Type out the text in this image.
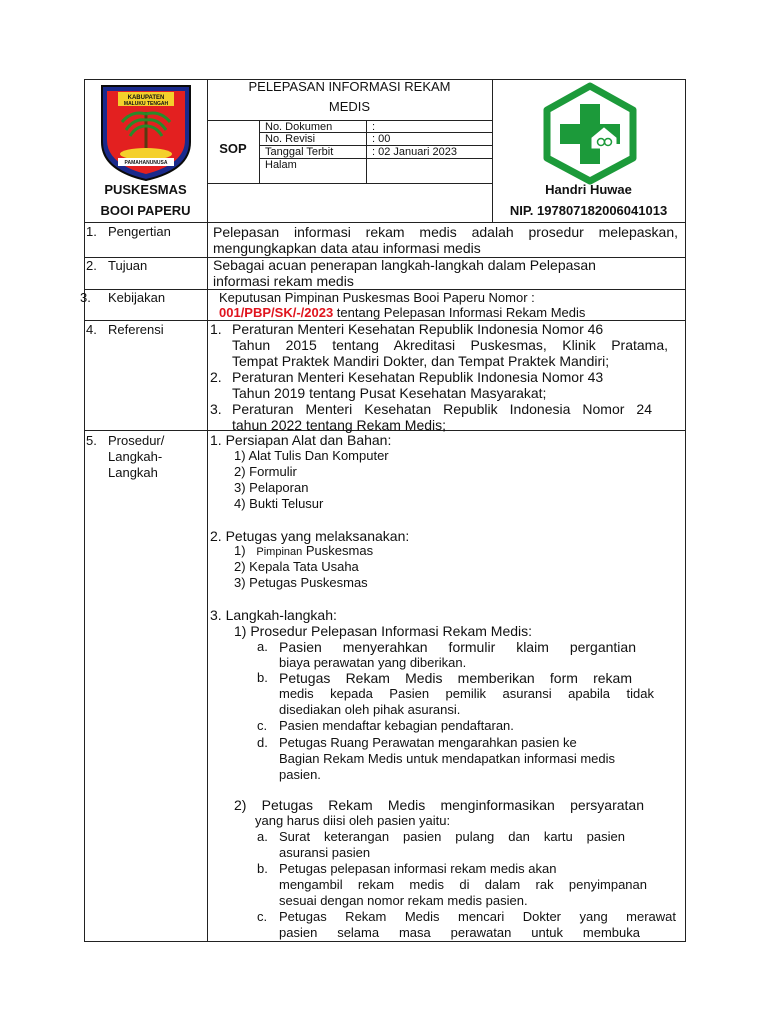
KABUPATEN
MALUKU TENGAH
PAMAHANUNUSA
PELEPASAN INFORMASI REKAM
MEDIS
SOP
No. Dokumen	:
No. Revisi	: 00
Tanggal Terbit	: 02 Januari 2023
Halam
PUSKESMAS
BOOI PAPERU
Handri Huwae
NIP. 197807182006041013
1. Pengertian	Pelepasan informasi rekam medis adalah prosedur melepaskan,
mengungkapkan data atau informasi medis
2. Tujuan	Sebagai acuan penerapan langkah-langkah dalam Pelepasan
informasi rekam medis
3. Kebijakan	Keputusan Pimpinan Puskesmas Booi Paperu Nomor :
001/PBP/SK/-/2023 tentang Pelepasan Informasi Rekam Medis
4. Referensi	1. Peraturan Menteri Kesehatan Republik Indonesia Nomor 46
Tahun 2015 tentang Akreditasi Puskesmas, Klinik Pratama,
Tempat Praktek Mandiri Dokter, dan Tempat Praktek Mandiri;
2. Peraturan Menteri Kesehatan Republik Indonesia Nomor 43
Tahun 2019 tentang Pusat Kesehatan Masyarakat;
3. Peraturan Menteri Kesehatan Republik Indonesia Nomor 24
tahun 2022 tentang Rekam Medis;
5. Prosedur/
Langkah-
Langkah
1. Persiapan Alat dan Bahan:
1) Alat Tulis Dan Komputer
2) Formulir
3) Pelaporan
4) Bukti Telusur
2. Petugas yang melaksanakan:
1) Pimpinan Puskesmas
2) Kepala Tata Usaha
3) Petugas Puskesmas
3. Langkah-langkah:
1) Prosedur Pelepasan Informasi Rekam Medis:
a. Pasien menyerahkan formulir klaim pergantian
biaya perawatan yang diberikan.
b. Petugas Rekam Medis memberikan form rekam
medis kepada Pasien pemilik asuransi apabila tidak
disediakan oleh pihak asuransi.
c. Pasien mendaftar kebagian pendaftaran.
d. Petugas Ruang Perawatan mengarahkan pasien ke
Bagian Rekam Medis untuk mendapatkan informasi medis
pasien.
2) Petugas Rekam Medis menginformasikan persyaratan
yang harus diisi oleh pasien yaitu:
a. Surat keterangan pasien pulang dan kartu pasien
asuransi pasien
b. Petugas pelepasan informasi rekam medis akan
mengambil rekam medis di dalam rak penyimpanan
sesuai dengan nomor rekam medis pasien.
c. Petugas Rekam Medis mencari Dokter yang merawat
pasien selama masa perawatan untuk membuka
